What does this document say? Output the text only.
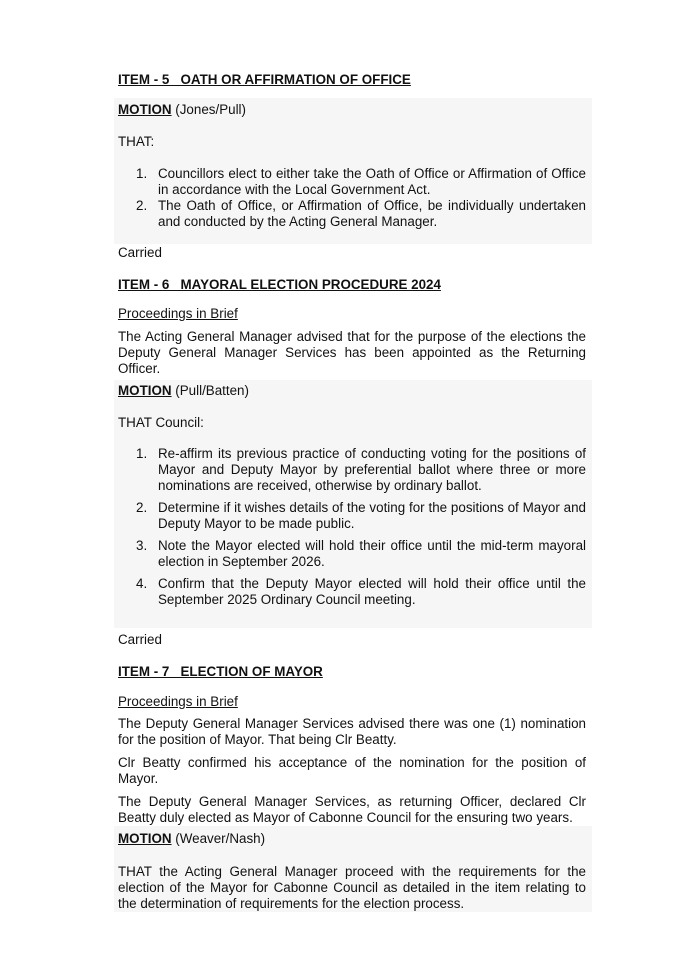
ITEM - 5   OATH OR AFFIRMATION OF OFFICE
MOTION (Jones/Pull)
THAT:
1. Councillors elect to either take the Oath of Office or Affirmation of Office in accordance with the Local Government Act.
2. The Oath of Office, or Affirmation of Office, be individually undertaken and conducted by the Acting General Manager.
Carried
ITEM - 6   MAYORAL ELECTION PROCEDURE 2024
Proceedings in Brief
The Acting General Manager advised that for the purpose of the elections the Deputy General Manager Services has been appointed as the Returning Officer.
MOTION (Pull/Batten)
THAT Council:
1. Re-affirm its previous practice of conducting voting for the positions of Mayor and Deputy Mayor by preferential ballot where three or more nominations are received, otherwise by ordinary ballot.
2. Determine if it wishes details of the voting for the positions of Mayor and Deputy Mayor to be made public.
3. Note the Mayor elected will hold their office until the mid-term mayoral election in September 2026.
4. Confirm that the Deputy Mayor elected will hold their office until the September 2025 Ordinary Council meeting.
Carried
ITEM - 7   ELECTION OF MAYOR
Proceedings in Brief
The Deputy General Manager Services advised there was one (1) nomination for the position of Mayor. That being Clr Beatty.
Clr Beatty confirmed his acceptance of the nomination for the position of Mayor.
The Deputy General Manager Services, as returning Officer, declared Clr Beatty duly elected as Mayor of Cabonne Council for the ensuring two years.
MOTION (Weaver/Nash)
THAT the Acting General Manager proceed with the requirements for the election of the Mayor for Cabonne Council as detailed in the item relating to the determination of requirements for the election process.
